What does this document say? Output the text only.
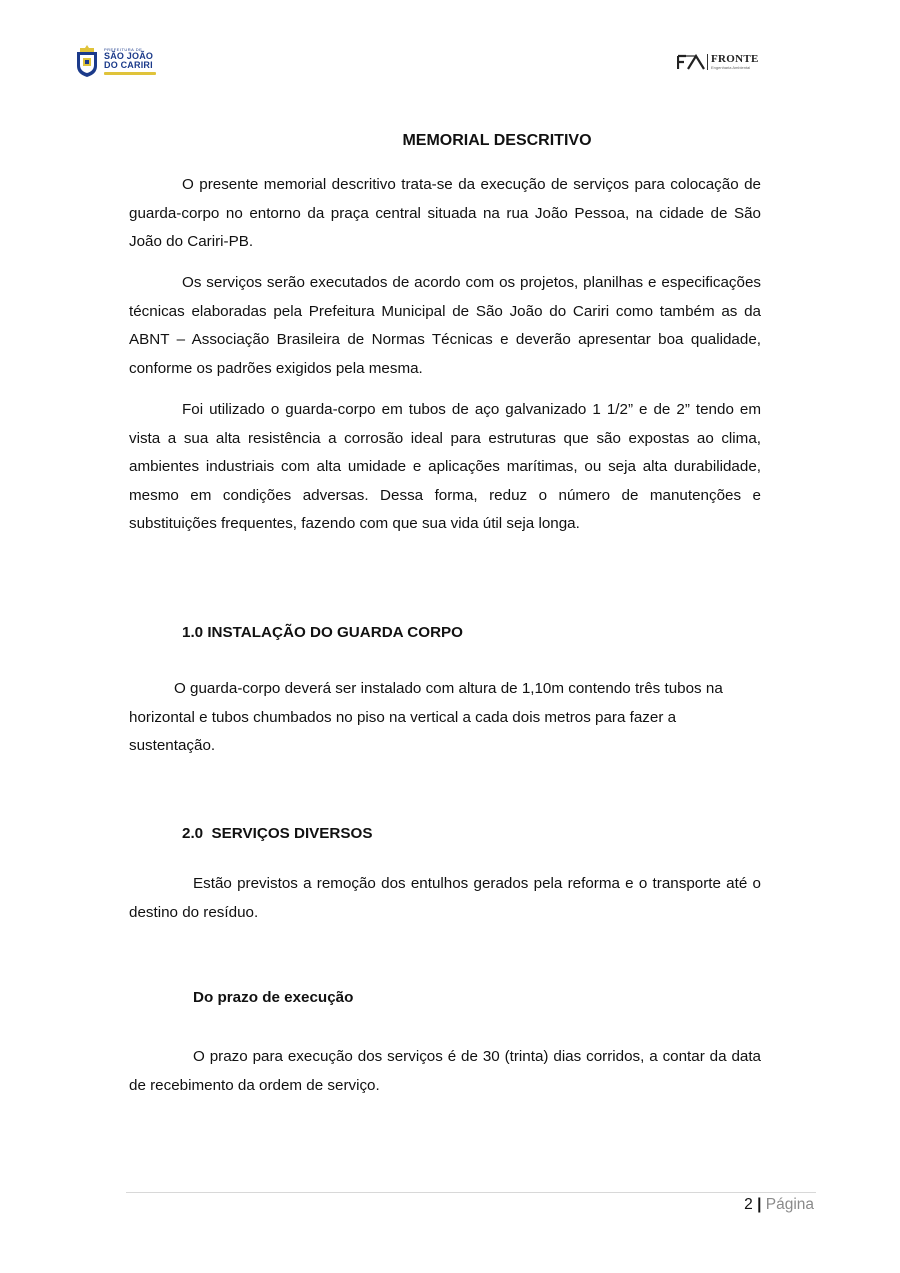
PREFEITURA DE
SÃO JOÃO
DO CARIRI	FRONTE
Engenharia Ambiental
MEMORIAL DESCRITIVO

O presente memorial descritivo trata-se da execução de serviços para colocação de guarda-corpo no entorno da praça central situada na rua João Pessoa, na cidade de São João do Cariri-PB.

Os serviços serão executados de acordo com os projetos, planilhas e especificações técnicas elaboradas pela Prefeitura Municipal de São João do Cariri como também as da ABNT – Associação Brasileira de Normas Técnicas e deverão apresentar boa qualidade, conforme os padrões exigidos pela mesma.

Foi utilizado o guarda-corpo em tubos de aço galvanizado 1 1/2” e de 2” tendo em vista a sua alta resistência a corrosão ideal para estruturas que são expostas ao clima, ambientes industriais com alta umidade e aplicações marítimas, ou seja alta durabilidade, mesmo em condições adversas. Dessa forma, reduz o número de manutenções e substituições frequentes, fazendo com que sua vida útil seja longa.

1.0 INSTALAÇÃO DO GUARDA CORPO

O guarda-corpo deverá ser instalado com altura de 1,10m contendo três tubos na horizontal e tubos chumbados no piso na vertical a cada dois metros para fazer a sustentação.

2.0  SERVIÇOS DIVERSOS

Estão previstos a remoção dos entulhos gerados pela reforma e o transporte até o destino do resíduo.

Do prazo de execução

O prazo para execução dos serviços é de 30 (trinta) dias corridos, a contar da data de recebimento da ordem de serviço.

2 | Página
